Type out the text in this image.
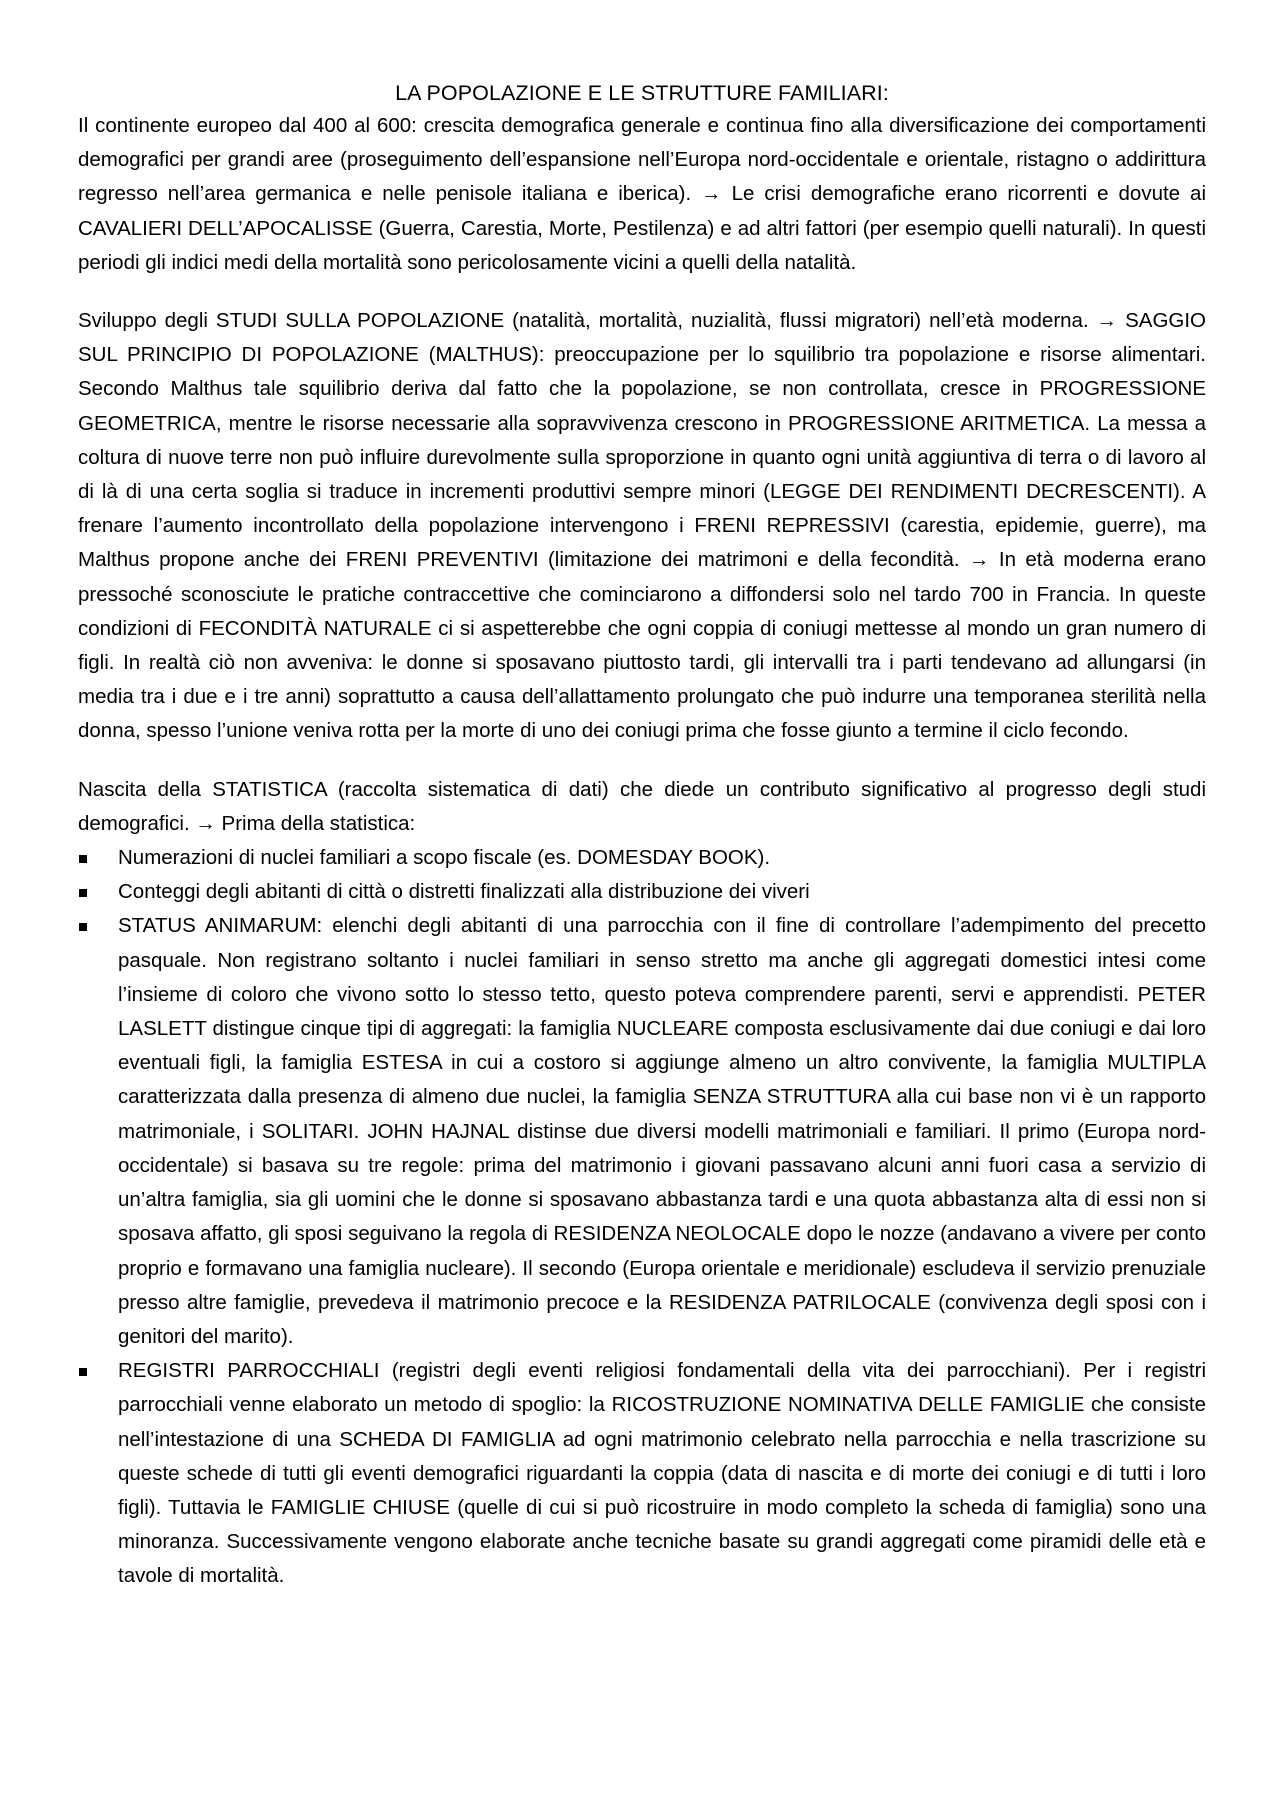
LA POPOLAZIONE E LE STRUTTURE FAMILIARI:

Il continente europeo dal 400 al 600: crescita demografica generale e continua fino alla diversificazione dei comportamenti demografici per grandi aree (proseguimento dell’espansione nell’Europa nord-occidentale e orientale, ristagno o addirittura regresso nell’area germanica e nelle penisole italiana e iberica). → Le crisi demografiche erano ricorrenti e dovute ai CAVALIERI DELL’APOCALISSE (Guerra, Carestia, Morte, Pestilenza) e ad altri fattori (per esempio quelli naturali). In questi periodi gli indici medi della mortalità sono pericolosamente vicini a quelli della natalità.

Sviluppo degli STUDI SULLA POPOLAZIONE (natalità, mortalità, nuzialità, flussi migratori) nell’età moderna. → SAGGIO SUL PRINCIPIO DI POPOLAZIONE (MALTHUS): preoccupazione per lo squilibrio tra popolazione e risorse alimentari. Secondo Malthus tale squilibrio deriva dal fatto che la popolazione, se non controllata, cresce in PROGRESSIONE GEOMETRICA, mentre le risorse necessarie alla sopravvivenza crescono in PROGRESSIONE ARITMETICA. La messa a coltura di nuove terre non può influire durevolmente sulla sproporzione in quanto ogni unità aggiuntiva di terra o di lavoro al di là di una certa soglia si traduce in incrementi produttivi sempre minori (LEGGE DEI RENDIMENTI DECRESCENTI). A frenare l’aumento incontrollato della popolazione intervengono i FRENI REPRESSIVI (carestia, epidemie, guerre), ma Malthus propone anche dei FRENI PREVENTIVI (limitazione dei matrimoni e della fecondità. → In età moderna erano pressoché sconosciute le pratiche contraccettive che cominciarono a diffondersi solo nel tardo 700 in Francia. In queste condizioni di FECONDITÀ NATURALE ci si aspetterebbe che ogni coppia di coniugi mettesse al mondo un gran numero di figli. In realtà ciò non avveniva: le donne si sposavano piuttosto tardi, gli intervalli tra i parti tendevano ad allungarsi (in media tra i due e i tre anni) soprattutto a causa dell’allattamento prolungato che può indurre una temporanea sterilità nella donna, spesso l’unione veniva rotta per la morte di uno dei coniugi prima che fosse giunto a termine il ciclo fecondo.

Nascita della STATISTICA (raccolta sistematica di dati) che diede un contributo significativo al progresso degli studi demografici. → Prima della statistica:

Numerazioni di nuclei familiari a scopo fiscale (es. DOMESDAY BOOK).
Conteggi degli abitanti di città o distretti finalizzati alla distribuzione dei viveri
STATUS ANIMARUM: elenchi degli abitanti di una parrocchia con il fine di controllare l’adempimento del precetto pasquale. Non registrano soltanto i nuclei familiari in senso stretto ma anche gli aggregati domestici intesi come l’insieme di coloro che vivono sotto lo stesso tetto, questo poteva comprendere parenti, servi e apprendisti. PETER LASLETT distingue cinque tipi di aggregati: la famiglia NUCLEARE composta esclusivamente dai due coniugi e dai loro eventuali figli, la famiglia ESTESA in cui a costoro si aggiunge almeno un altro convivente, la famiglia MULTIPLA caratterizzata dalla presenza di almeno due nuclei, la famiglia SENZA STRUTTURA alla cui base non vi è un rapporto matrimoniale, i SOLITARI. JOHN HAJNAL distinse due diversi modelli matrimoniali e familiari. Il primo (Europa nord-occidentale) si basava su tre regole: prima del matrimonio i giovani passavano alcuni anni fuori casa a servizio di un’altra famiglia, sia gli uomini che le donne si sposavano abbastanza tardi e una quota abbastanza alta di essi non si sposava affatto, gli sposi seguivano la regola di RESIDENZA NEOLOCALE dopo le nozze (andavano a vivere per conto proprio e formavano una famiglia nucleare). Il secondo (Europa orientale e meridionale) escludeva il servizio prenuziale presso altre famiglie, prevedeva il matrimonio precoce e la RESIDENZA PATRILOCALE (convivenza degli sposi con i genitori del marito).
REGISTRI PARROCCHIALI (registri degli eventi religiosi fondamentali della vita dei parrocchiani). Per i registri parrocchiali venne elaborato un metodo di spoglio: la RICOSTRUZIONE NOMINATIVA DELLE FAMIGLIE che consiste nell’intestazione di una SCHEDA DI FAMIGLIA ad ogni matrimonio celebrato nella parrocchia e nella trascrizione su queste schede di tutti gli eventi demografici riguardanti la coppia (data di nascita e di morte dei coniugi e di tutti i loro figli). Tuttavia le FAMIGLIE CHIUSE (quelle di cui si può ricostruire in modo completo la scheda di famiglia) sono una minoranza. Successivamente vengono elaborate anche tecniche basate su grandi aggregati come piramidi delle età e tavole di mortalità.
